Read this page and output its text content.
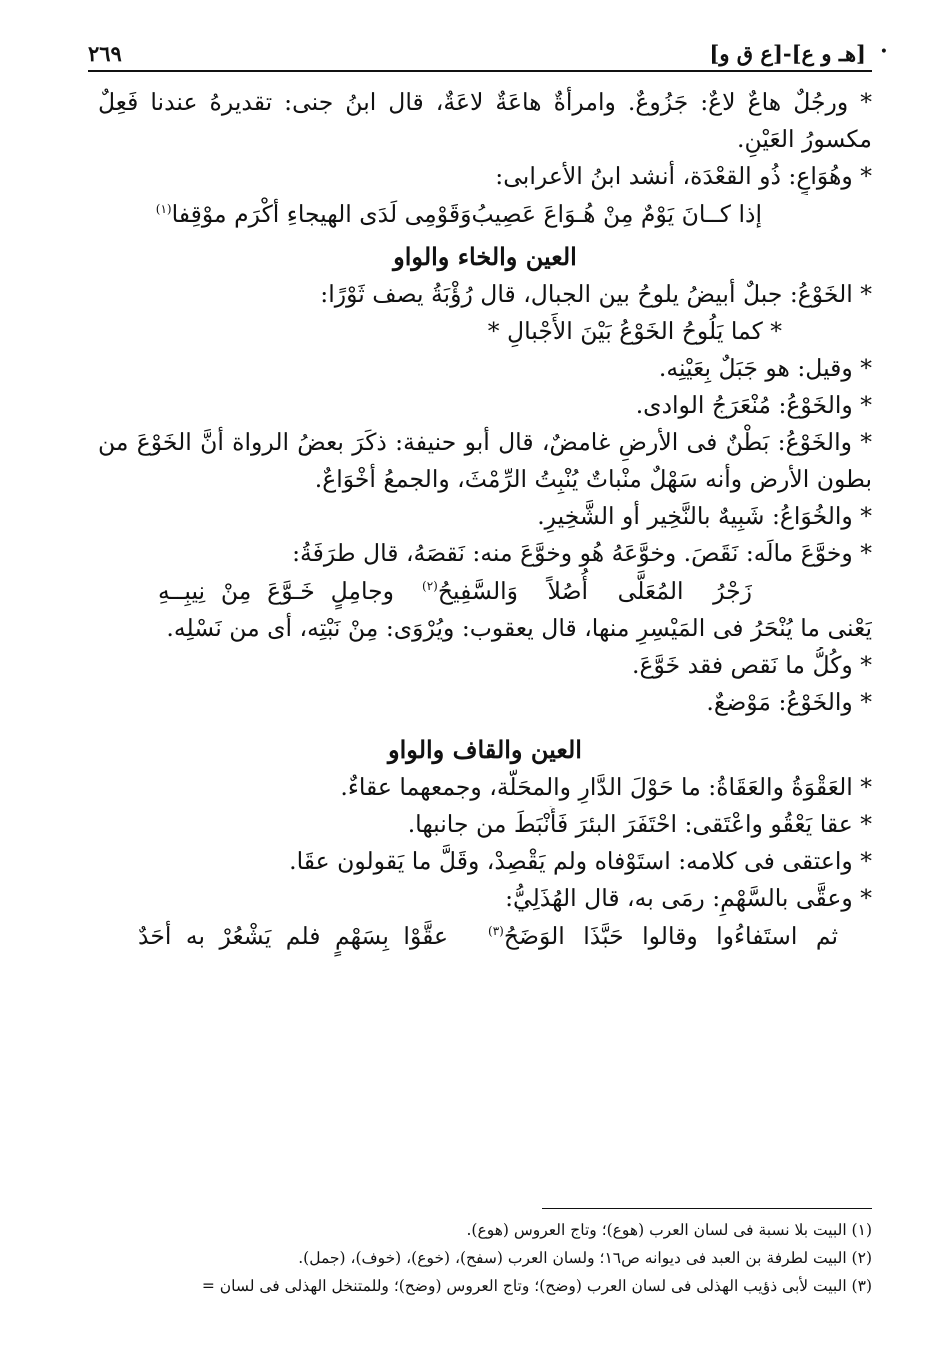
[هـ و ع]-[ع ق و]
٢٦٩	•
* ورجُلٌ هاعٌ لاعٌ: جَزُوعٌ. وامرأةٌ هاعَةٌ لاعَةٌ، قال ابنُ جنى: تقديرهُ عندنا فَعِلٌ
مكسورُ العَيْنِ.
* وهُوَاعٍ: ذُو القعْدَة، أنشد ابنُ الأعرابى:
إذا كــانَ يَوْمٌ مِنْ هُـوَاعَ عَصِيبُ
وَقَوْمِى لَدَى الهيجاءِ أكْرَم موْقِفا$^{(١)}$
العين والخاء والواو
* الخَوْعُ: جبلٌ أبيضُ يلوحُ بين الجبال، قال رُؤْبَةُ يصف ثَوْرًا:
* كما يَلُوحُ الخَوْعُ بَيْنَ الأَجْبالِ *
* وقيل: هو جَبَلٌ بِعَيْنِه.
* والخَوْعُ: مُنْعَرَجُ الوادى.
* والخَوْعُ: بَطْنٌ فى الأرضِ غامضٌ، قال أبو حنيفة: ذكَرَ بعضُ الرواة أنَّ الخَوْعَ من
بطون الأرض وأنه سَهْلٌ منْباتٌ يُنْبِتُ الرِّمْثَ، والجمعُ أخْوَاعٌ.
* والخُوَاعُ: شَبِيهٌ بالنَّخِير أو الشَّخِيرِ.
* وخوَّعَ مالَه: نَقَصَ. وخوَّعَهُ هُو وخوَّعَ منه: نَقصَهُ، قال طرَفَةُ:
زَجْرُ المُعَلَّى أُصُلاً وَالسَّفِيحُ$^{(٢)}$
وجامِلٍ خَـوَّعَ مِنْ نِيبِــهِ
يَعْنى ما يُنْحَرُ فى المَيْسِرِ منها، قال يعقوب: ويُرْوَى: مِنْ نَبْتِه، أى من نَسْلِه.
* وكُلُّ ما نَقص فقد خَوَّعَ.
* والخَوْعُ: مَوْضعٌ.
العين والقاف والواو
* العَقْوَةُ والعَقَاةُ: ما حَوْلَ الدَّارِ والمحَلَّة، وجمعهما عقاءٌ.
* عقا يَعْقُو واعْتَقى: احْتَفَرَ البئرَ فَأَنْبَطَ من جانبها.
* واعتقى فى كلامه: استَوْفاه ولم يَقْصِدْ، وقَلَّ ما يَقولون عقَا.
* وعقَّى بالسَّهْمِ: رمَى به، قال الهُذَلِيُّ:
ثم استَفاءُوا وقالوا حَبَّذَا الوَضَحُ$^{(٣)}$
عقَّوْا بِسَهْمٍ فلم يَشْعُرْ به أحَدٌ
(١) البيت بلا نسبة فى لسان العرب (هوع)؛ وتاج العروس (هوع).
(٢) البيت لطرفة بن العبد فى ديوانه ص١٦؛ ولسان العرب (سفح)، (خوع)، (خوف)، (جمل).
(٣) البيت لأبى ذؤيب الهذلى فى لسان العرب (وضح)؛ وتاج العروس (وضح)؛ وللمتنخل الهذلى فى لسان =
